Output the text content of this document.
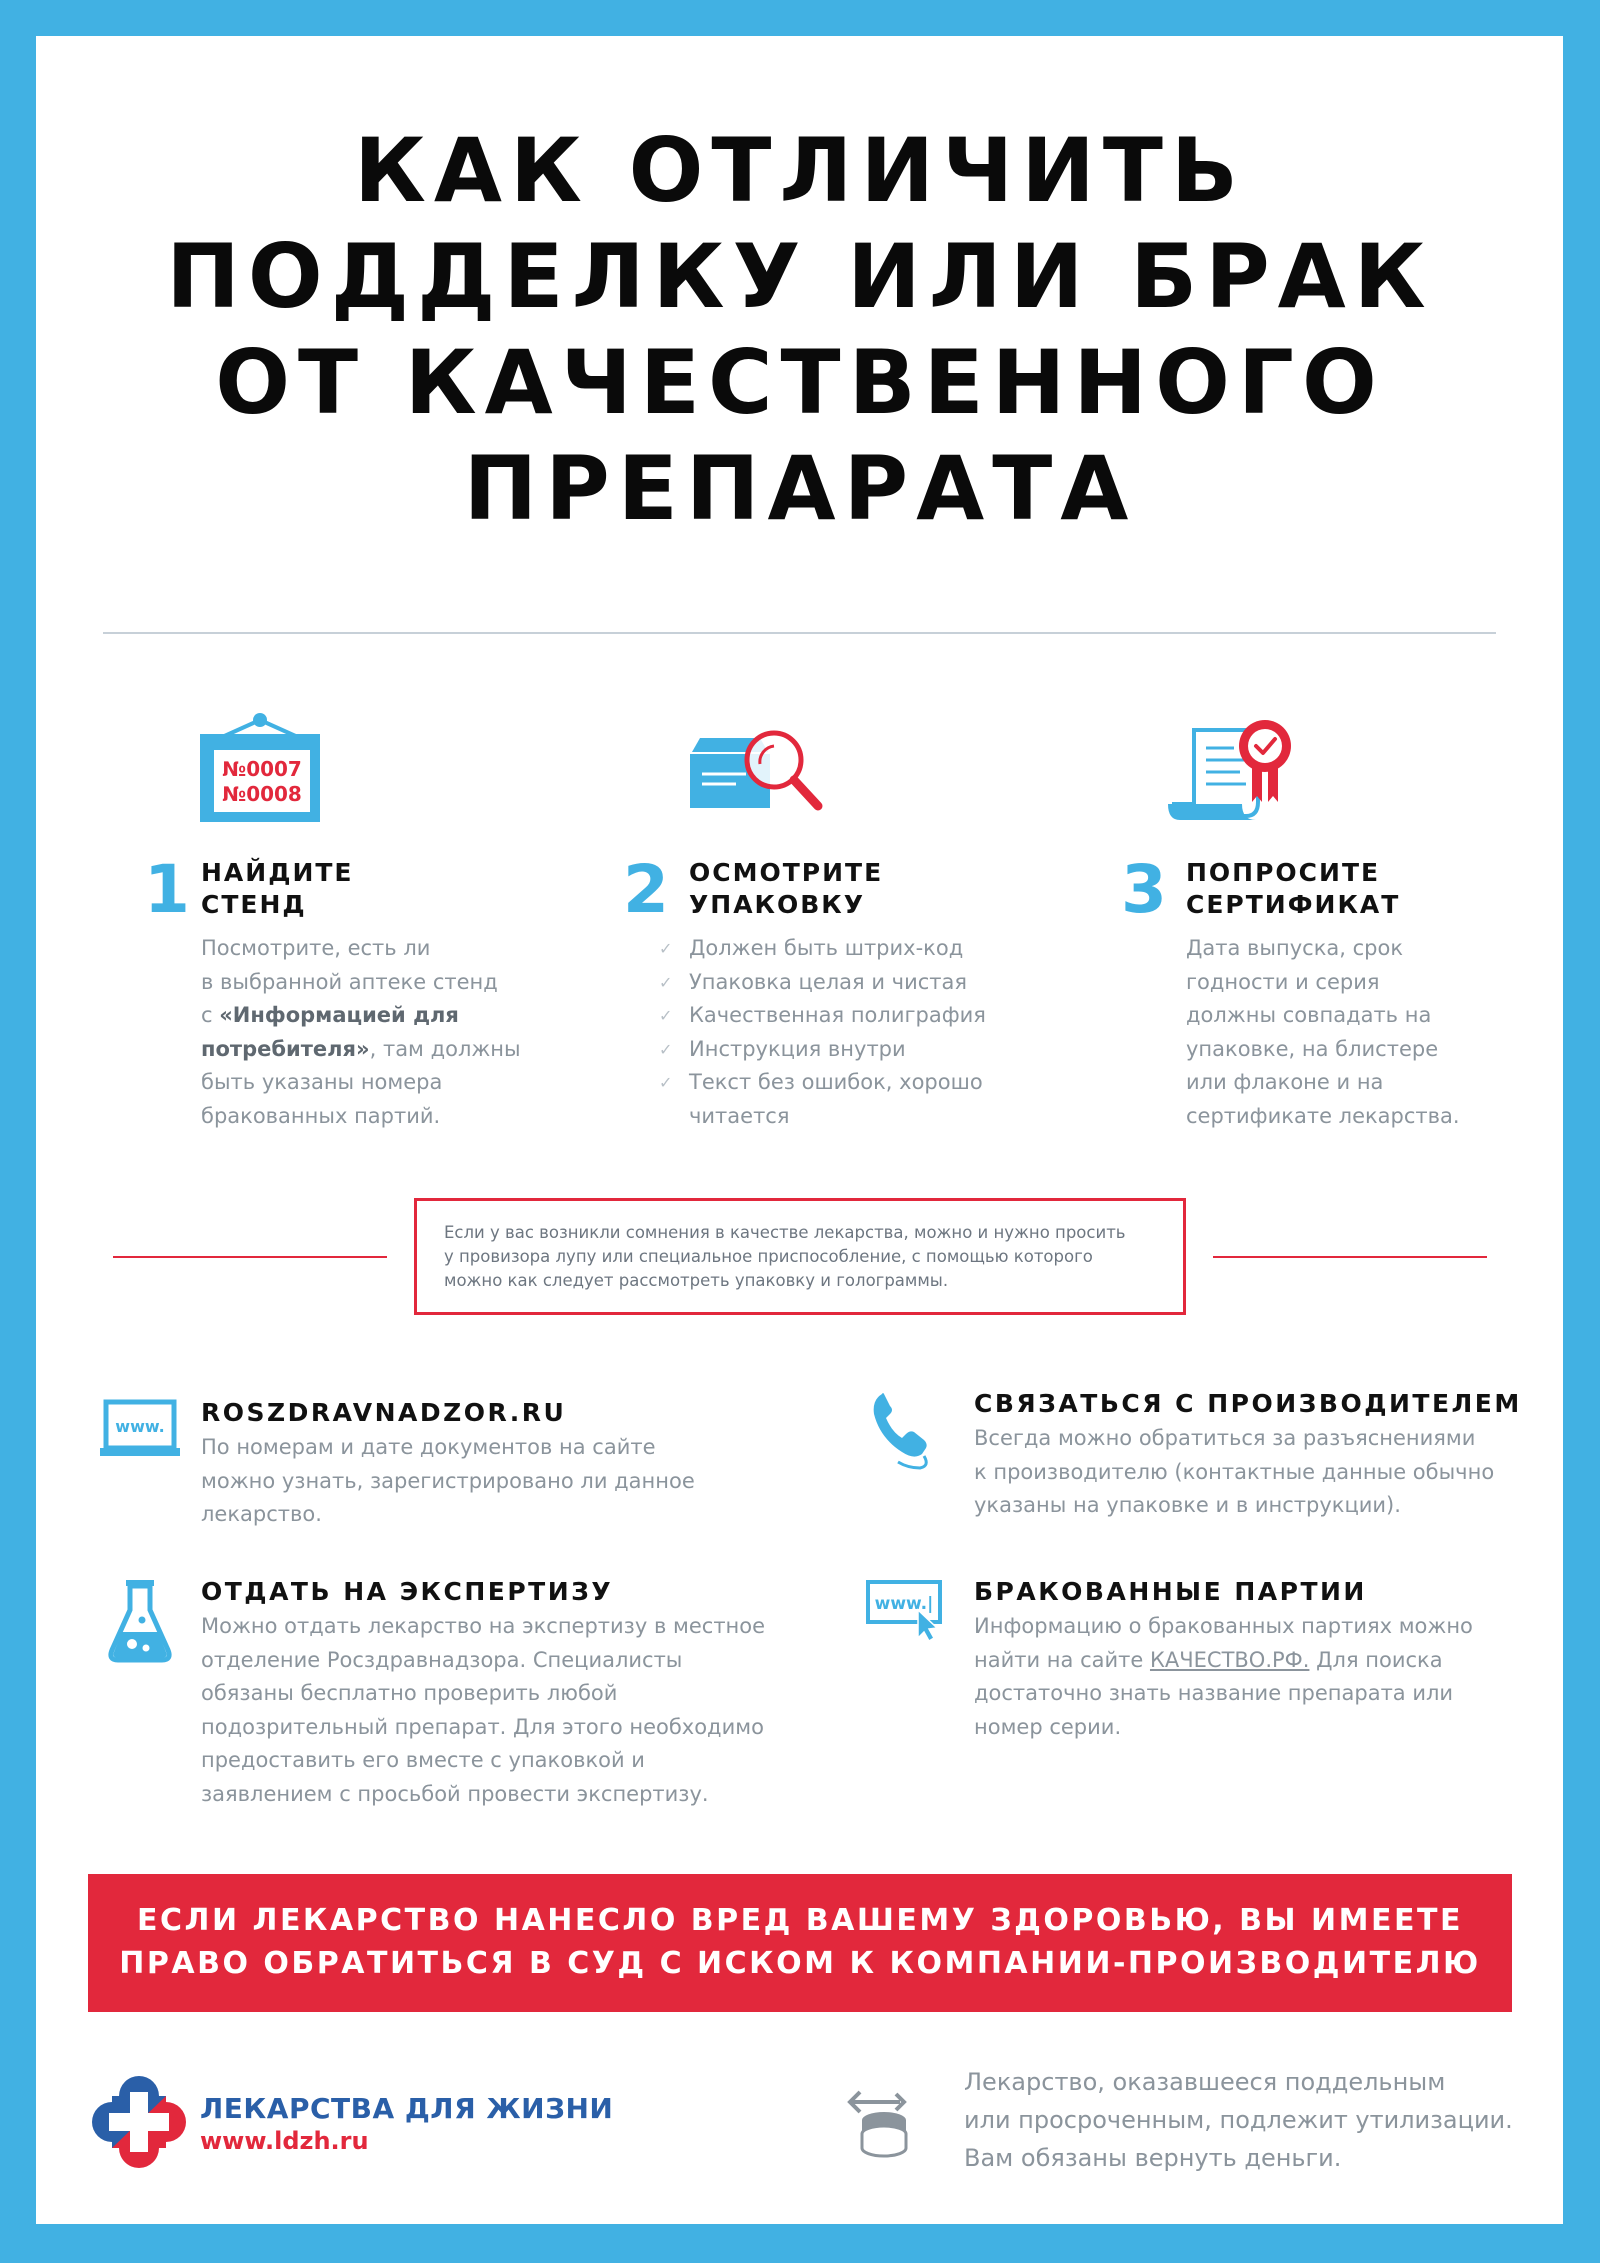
КАК ОТЛИЧИТЬ
ПОДДЕЛКУ ИЛИ БРАК
ОТ КАЧЕСТВЕННОГО
ПРЕПАРАТА
№0007
№0008
1 НАЙДИТЕ
СТЕНД
Посмотрите, есть ли
в выбранной аптеке стенд
с «Информацией для
потребителя», там должны
быть указаны номера
бракованных партий.
2 ОСМОТРИТЕ
УПАКОВКУ
✓ Должен быть штрих-код
✓ Упаковка целая и чистая
✓ Качественная полиграфия
✓ Инструкция внутри
✓ Текст без ошибок, хорошо
читается
3 ПОПРОСИТЕ
СЕРТИФИКАТ
Дата выпуска, срок
годности и серия
должны совпадать на
упаковке, на блистере
или флаконе и на
сертификате лекарства.
Если у вас возникли сомнения в качестве лекарства, можно и нужно просить
у провизора лупу или специальное приспособление, с помощью которого
можно как следует рассмотреть упаковку и голограммы.
www. ROSZDRAVNADZOR.RU
По номерам и дате документов на сайте
можно узнать, зарегистрировано ли данное
лекарство.
СВЯЗАТЬСЯ С ПРОИЗВОДИТЕЛЕМ
Всегда можно обратиться за разъяснениями
к производителю (контактные данные обычно
указаны на упаковке и в инструкции).
ОТДАТЬ НА ЭКСПЕРТИЗУ
Можно отдать лекарство на экспертизу в местное
отделение Росздравнадзора. Специалисты
обязаны бесплатно проверить любой
подозрительный препарат. Для этого необходимо
предоставить его вместе с упаковкой и
заявлением с просьбой провести экспертизу.
www.| БРАКОВАННЫЕ ПАРТИИ
Информацию о бракованных партиях можно
найти на сайте КАЧЕСТВО.РФ. Для поиска
достаточно знать название препарата или
номер серии.
ЕСЛИ ЛЕКАРСТВО НАНЕСЛО ВРЕД ВАШЕМУ ЗДОРОВЬЮ, ВЫ ИМЕЕТЕ
ПРАВО ОБРАТИТЬСЯ В СУД С ИСКОМ К КОМПАНИИ-ПРОИЗВОДИТЕЛЮ
ЛЕКАРСТВА ДЛЯ ЖИЗНИ
www.ldzh.ru
Лекарство, оказавшееся поддельным
или просроченным, подлежит утилизации.
Вам обязаны вернуть деньги.
